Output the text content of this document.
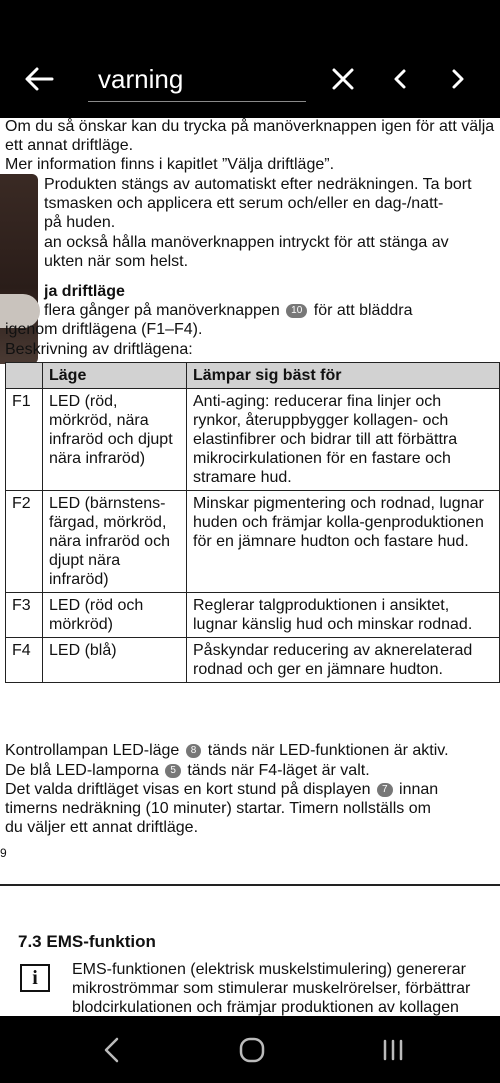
varning

Om du så önskar kan du trycka på manöverknappen igen för att välja ett annat driftläge.

Mer information finns i kapitlet ”Välja driftläge”.

Produkten stängs av automatiskt efter nedräkningen. Ta bort

tsmasken och applicera ett serum och/eller en dag-/natt-

på huden.

an också hålla manöverknappen intryckt för att stänga av

ukten när som helst.

ja driftläge

flera gånger på manöverknappen 10 för att bläddra

igenom driftlägena (F1–F4).

Beskrivning av driftlägena:

	Läge	Lämpar sig bäst för
F1	LED (röd, mörkröd, nära infraröd och djupt nära infraröd)	Anti-aging: reducerar fina linjer och rynkor, återuppbygger kollagen- och elastinfibrer och bidrar till att förbättra mikrocirkulationen för en fastare och stramare hud.
F2	LED (bärnstens-färgad, mörkröd, nära infraröd och djupt nära infraröd)	Minskar pigmentering och rodnad, lugnar huden och främjar kolla-genproduktionen för en jämnare hudton och fastare hud.
F3	LED (röd och mörkröd)	Reglerar talgproduktionen i ansiktet, lugnar känslig hud och minskar rodnad.
F4	LED (blå)	Påskyndar reducering av aknerelaterad rodnad och ger en jämnare hudton.

Kontrollampan LED-läge 8 tänds när LED-funktionen är aktiv.

De blå LED-lamporna 5 tänds när F4-läget är valt.

Det valda driftläget visas en kort stund på displayen 7 innan

timerns nedräkning (10 minuter) startar. Timern nollställs om

du väljer ett annat driftläge.

9
7.3 EMS-funktion
i	EMS-funktionen (elektrisk muskelstimulering) genererar mikroströmmar som stimulerar muskelrörelser, förbättrar blodcirkulationen och främjar produktionen av kollagen
